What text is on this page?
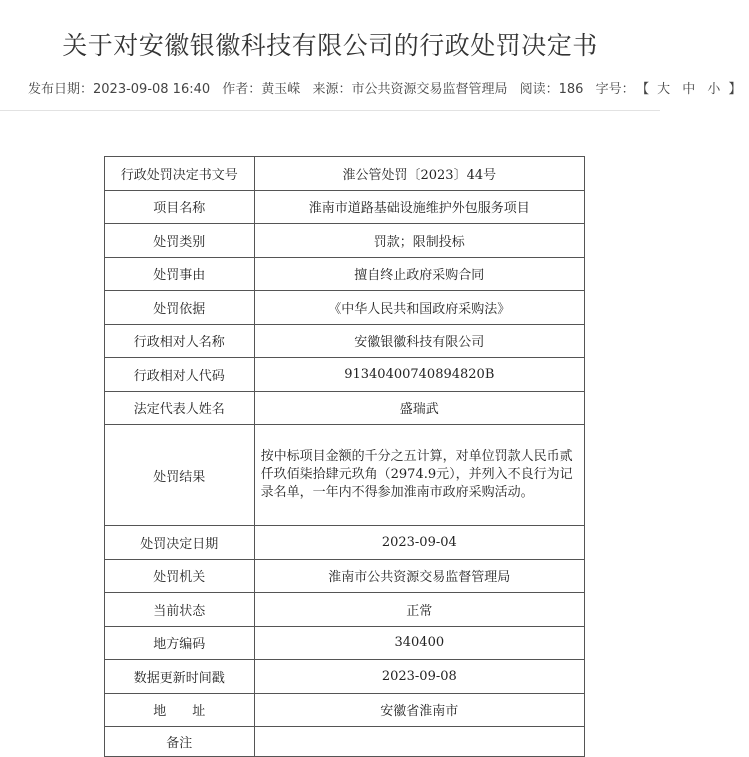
关于对安徽银徽科技有限公司的行政处罚决定书
发布日期：2023-09-08 16:40 作者：黄玉嵘 来源：市公共资源交易监督管理局 阅读：186 字号： 【 大 中 小 】
行政处罚决定书文号	淮公管处罚〔2023〕44号
项目名称	淮南市道路基础设施维护外包服务项目
处罚类别	罚款；限制投标
处罚事由	擅自终止政府采购合同
处罚依据	《中华人民共和国政府采购法》
行政相对人名称	安徽银徽科技有限公司
行政相对人代码	91340400740894820B
法定代表人姓名	盛瑞武
处罚结果	按中标项目金额的千分之五计算，对单位罚款人民币贰仟玖佰柒拾肆元玖角（2974.9元），并列入不良行为记录名单，一年内不得参加淮南市政府采购活动。
处罚决定日期	2023-09-04
处罚机关	淮南市公共资源交易监督管理局
当前状态	正常
地方编码	340400
数据更新时间戳	2023-09-08
地　　址	安徽省淮南市
备注	
